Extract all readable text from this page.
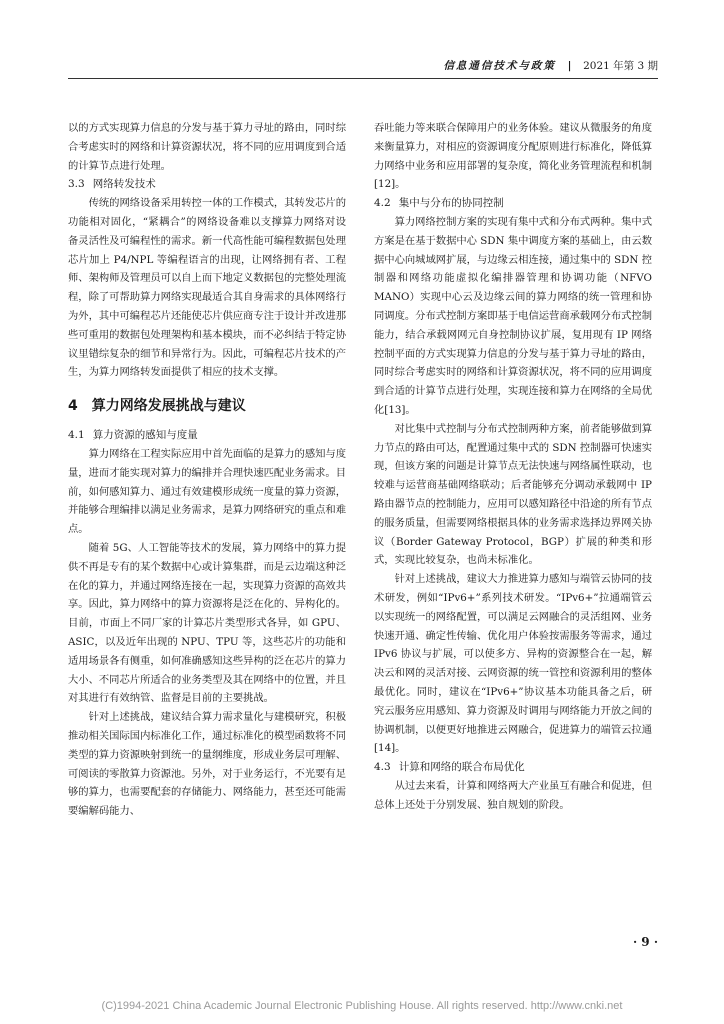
信息通信技术与政策 | 2021 年第 3 期

以的方式实现算力信息的分发与基于算力寻址的路由，同时综合考虑实时的网络和计算资源状况，将不同的应用调度到合适的计算节点进行处理。

3.3 网络转发技术

传统的网络设备采用转控一体的工作模式，其转发芯片的功能相对固化，“紧耦合”的网络设备难以支撑算力网络对设备灵活性及可编程性的需求。新一代高性能可编程数据包处理芯片加上 P4/NPL 等编程语言的出现，让网络拥有者、工程师、架构师及管理员可以自上而下地定义数据包的完整处理流程，除了可帮助算力网络实现最适合其自身需求的具体网络行为外，其中可编程芯片还能使芯片供应商专注于设计并改进那些可重用的数据包处理架构和基本模块，而不必纠结于特定协议里错综复杂的细节和异常行为。因此，可编程芯片技术的产生，为算力网络转发面提供了相应的技术支撑。

4 算力网络发展挑战与建议
4.1 算力资源的感知与度量

算力网络在工程实际应用中首先面临的是算力的感知与度量，进而才能实现对算力的编排并合理快速匹配业务需求。目前，如何感知算力、通过有效建模形成统一度量的算力资源，并能够合理编排以满足业务需求，是算力网络研究的重点和难点。

随着 5G、人工智能等技术的发展，算力网络中的算力提供不再是专有的某个数据中心或计算集群，而是云边端这种泛在化的算力，并通过网络连接在一起，实现算力资源的高效共享。因此，算力网络中的算力资源将是泛在化的、异构化的。目前，市面上不同厂家的计算芯片类型形式各异，如 GPU、ASIC，以及近年出现的 NPU、TPU 等，这些芯片的功能和适用场景各有侧重，如何准确感知这些异构的泛在芯片的算力大小、不同芯片所适合的业务类型及其在网络中的位置，并且对其进行有效纳管、监督是目前的主要挑战。

针对上述挑战，建议结合算力需求量化与建模研究，积极推动相关国际国内标准化工作，通过标准化的模型函数将不同类型的算力资源映射到统一的量纲维度，形成业务层可理解、可阅读的零散算力资源池。另外，对于业务运行，不光要有足够的算力，也需要配套的存储能力、网络能力，甚至还可能需要编解码能力、

吞吐能力等来联合保障用户的业务体验。建议从微服务的角度来衡量算力，对相应的资源调度分配原则进行标准化，降低算力网络中业务和应用部署的复杂度，简化业务管理流程和机制[12]。

4.2 集中与分布的协同控制

算力网络控制方案的实现有集中式和分布式两种。集中式方案是在基于数据中心 SDN 集中调度方案的基础上，由云数据中心向城域网扩展，与边缘云相连接，通过集中的 SDN 控制器和网络功能虚拟化编排器管理和协调功能（NFVO MANO）实现中心云及边缘云间的算力网络的统一管理和协同调度。分布式控制方案即基于电信运营商承载网分布式控制能力，结合承载网网元自身控制协议扩展，复用现有 IP 网络控制平面的方式实现算力信息的分发与基于算力寻址的路由，同时综合考虑实时的网络和计算资源状况，将不同的应用调度到合适的计算节点进行处理，实现连接和算力在网络的全局优化[13]。

对比集中式控制与分布式控制两种方案，前者能够做到算力节点的路由可达，配置通过集中式的 SDN 控制器可快速实现，但该方案的问题是计算节点无法快速与网络属性联动，也较难与运营商基础网络联动；后者能够充分调动承载网中 IP 路由器节点的控制能力，应用可以感知路径中沿途的所有节点的服务质量，但需要网络根据具体的业务需求选择边界网关协议（Border Gateway Protocol，BGP）扩展的种类和形式，实现比较复杂，也尚未标准化。

针对上述挑战，建议大力推进算力感知与端管云协同的技术研发，例如“IPv6+”系列技术研发。“IPv6+”拉通端管云以实现统一的网络配置，可以满足云网融合的灵活组网、业务快速开通、确定性传输、优化用户体验按需服务等需求，通过 IPv6 协议与扩展，可以使多方、异构的资源整合在一起，解决云和网的灵活对接、云网资源的统一管控和资源利用的整体最优化。同时，建议在“IPv6+”协议基本功能具备之后，研究云服务应用感知、算力资源及时调用与网络能力开放之间的协调机制，以便更好地推进云网融合，促进算力的端管云拉通[14]。

4.3 计算和网络的联合布局优化

从过去来看，计算和网络两大产业虽互有融合和促进，但总体上还处于分别发展、独自规划的阶段。

· 9 ·
(C)1994-2021 China Academic Journal Electronic Publishing House. All rights reserved. http://www.cnki.net
